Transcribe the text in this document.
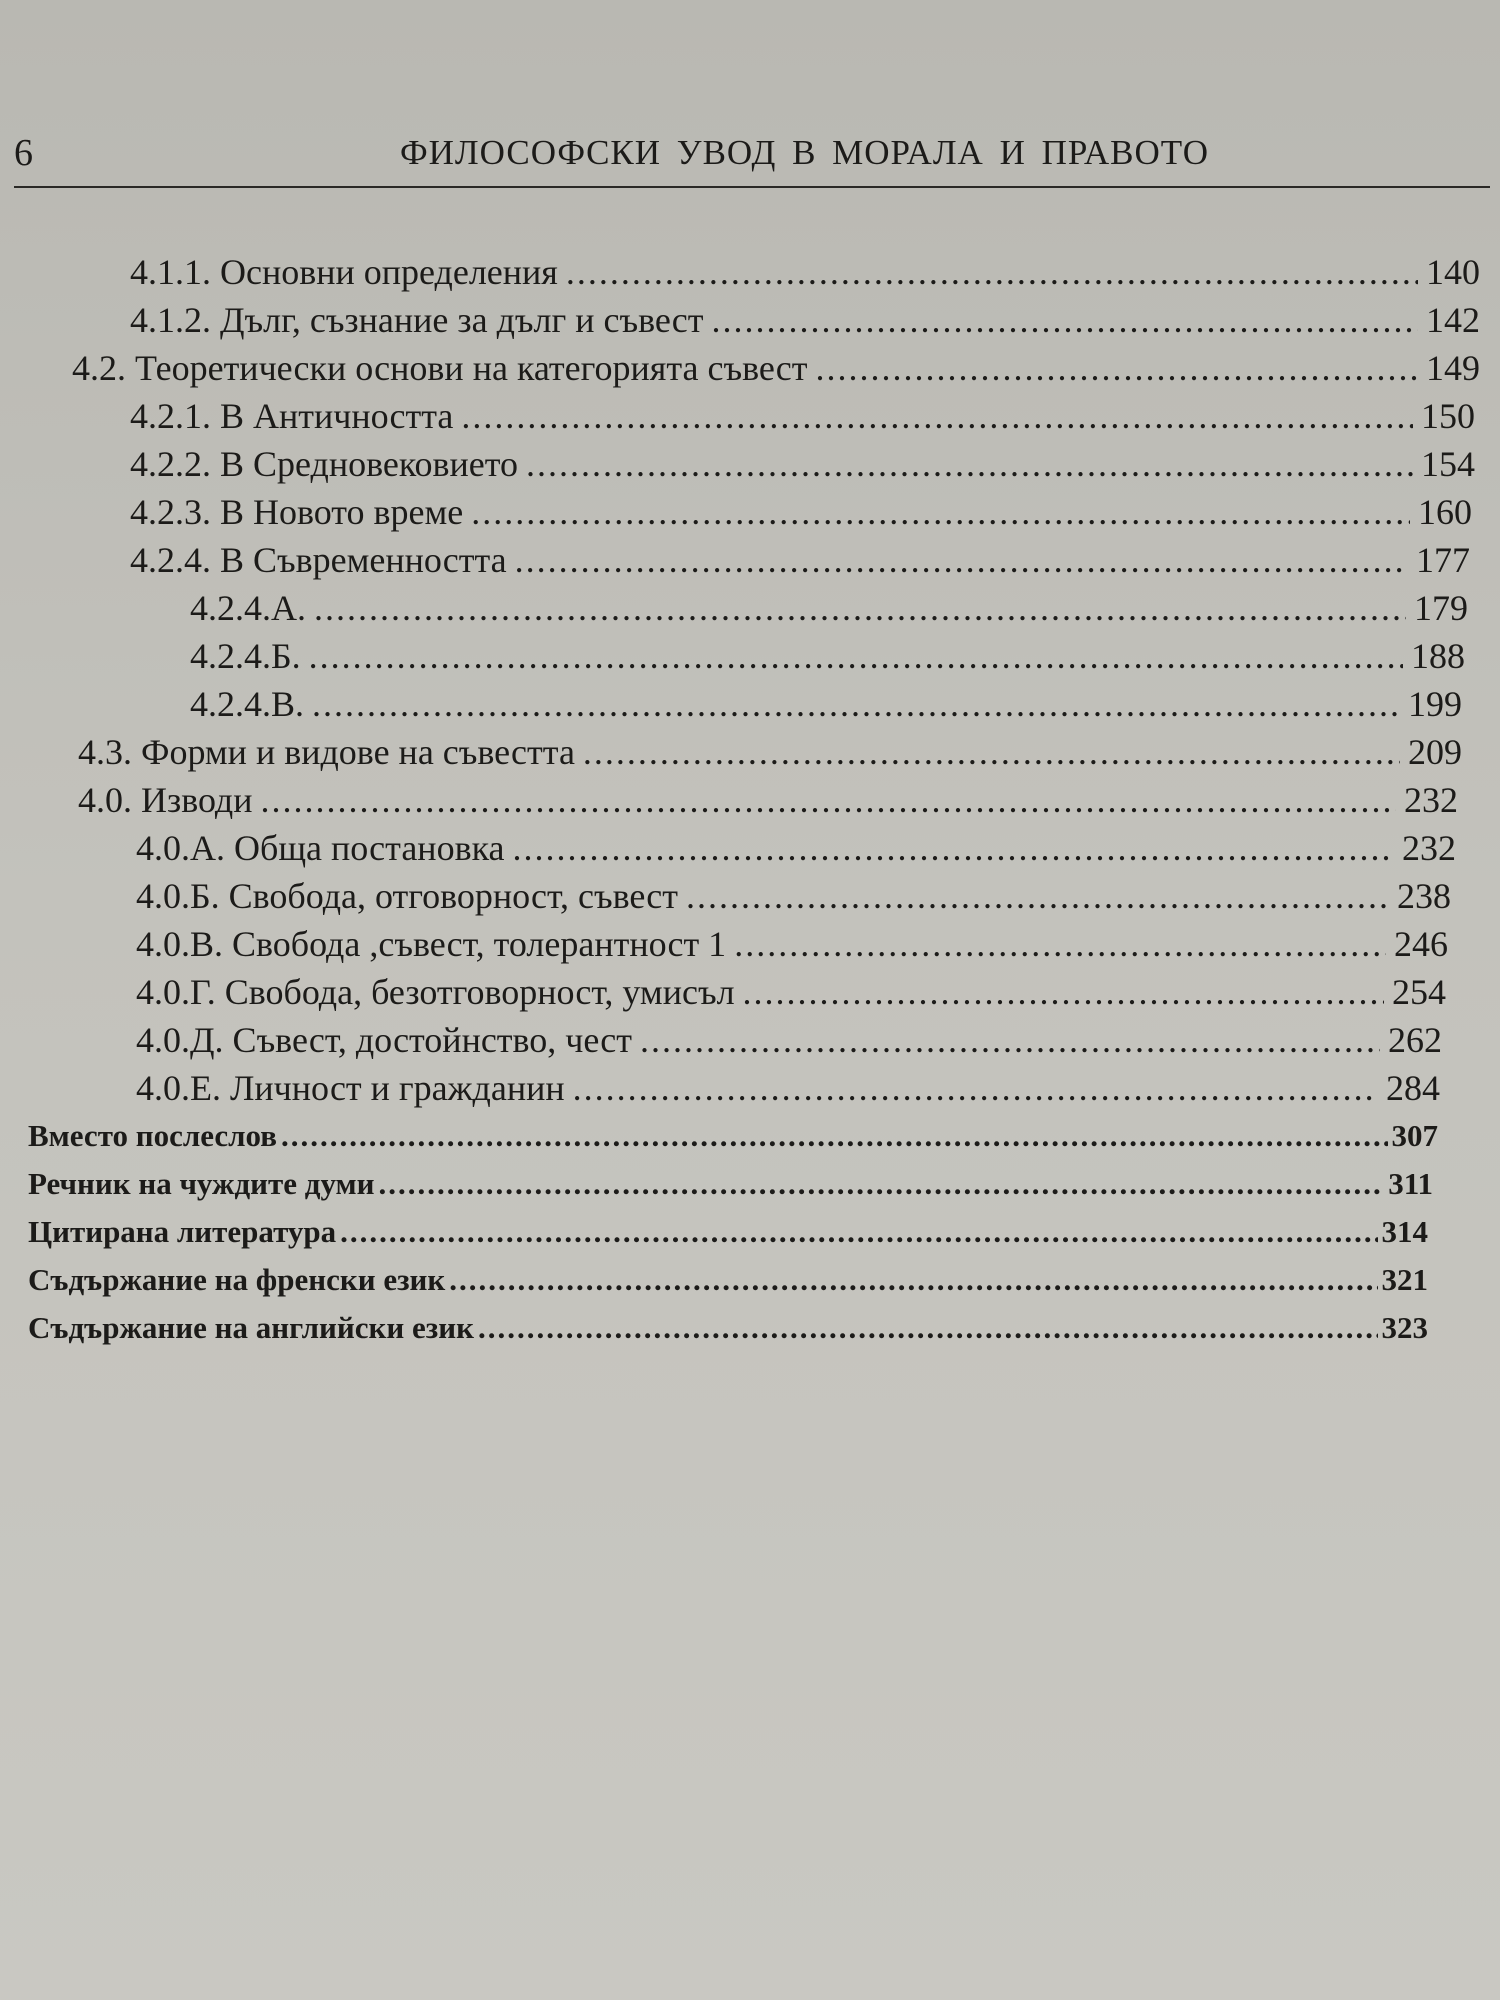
6	ФИЛОСОФСКИ УВОД В МОРАЛА И ПРАВОТО
4.1.1. Основни определения .....	140
4.1.2. Дълг, съзнание за дълг и съвест .....	142
4.2. Теоретически основи на категорията съвест .....	149
4.2.1. В Античността .....	150
4.2.2. В Средновековието .....	154
4.2.3. В Новото време .....	160
4.2.4. В Съвременността .....	177
4.2.4.А. .....	179
4.2.4.Б. .....	188
4.2.4.В. .....	199
4.3. Форми и видове на съвестта .....	209
4.0. Изводи .....	232
4.0.А. Обща постановка .....	232
4.0.Б. Свобода, отговорност, съвест .....	238
4.0.В. Свобода ,съвест, толерантност 1 .....	246
4.0.Г. Свобода, безотговорност, умисъл .....	254
4.0.Д. Съвест, достойнство, чест .....	262
4.0.Е. Личност и гражданин .....	284
Вместо послеслов .....	307
Речник на чуждите думи .....	311
Цитирана литература .....	314
Съдържание на френски език .....	321
Съдържание на английски език .....	323
